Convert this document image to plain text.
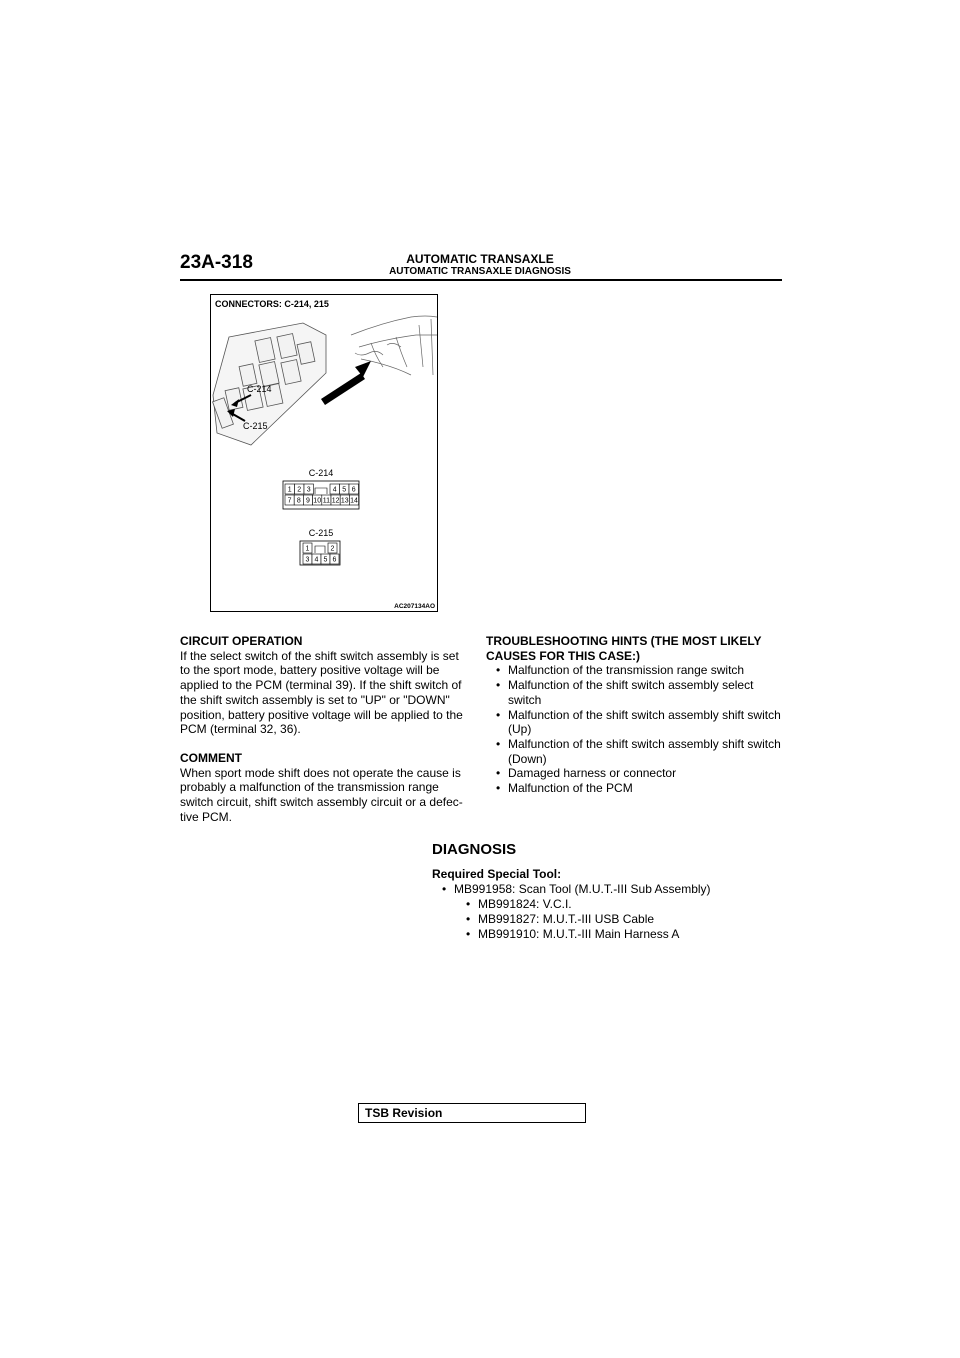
23A-318	AUTOMATIC TRANSAXLE
AUTOMATIC TRANSAXLE DIAGNOSIS
CONNECTORS: C-214, 215
C-214
C-215
C-214
1 2 3	4 5 6
7 8 9 10 11 12 13 14
C-215
1	2
3 4 5 6
AC207134AO

CIRCUIT OPERATION

If the select switch of the shift switch assembly is set to the sport mode, battery positive voltage will be applied to the PCM (terminal 39). If the shift switch of the shift switch assembly is set to "UP" or "DOWN" position, battery positive voltage will be applied to the PCM (terminal 32, 36).

COMMENT

When sport mode shift does not operate the cause is probably a malfunction of the transmission range switch circuit, shift switch assembly circuit or a defec-tive PCM.

TROUBLESHOOTING HINTS (THE MOST LIKELY CAUSES FOR THIS CASE:)

• Malfunction of the transmission range switch
• Malfunction of the shift switch assembly select switch
• Malfunction of the shift switch assembly shift switch (Up)
• Malfunction of the shift switch assembly shift switch (Down)
• Damaged harness or connector
• Malfunction of the PCM

DIAGNOSIS

Required Special Tool:

• MB991958: Scan Tool (M.U.T.-III Sub Assembly)
• MB991824: V.C.I.
• MB991827: M.U.T.-III USB Cable
• MB991910: M.U.T.-III Main Harness A
TSB Revision
